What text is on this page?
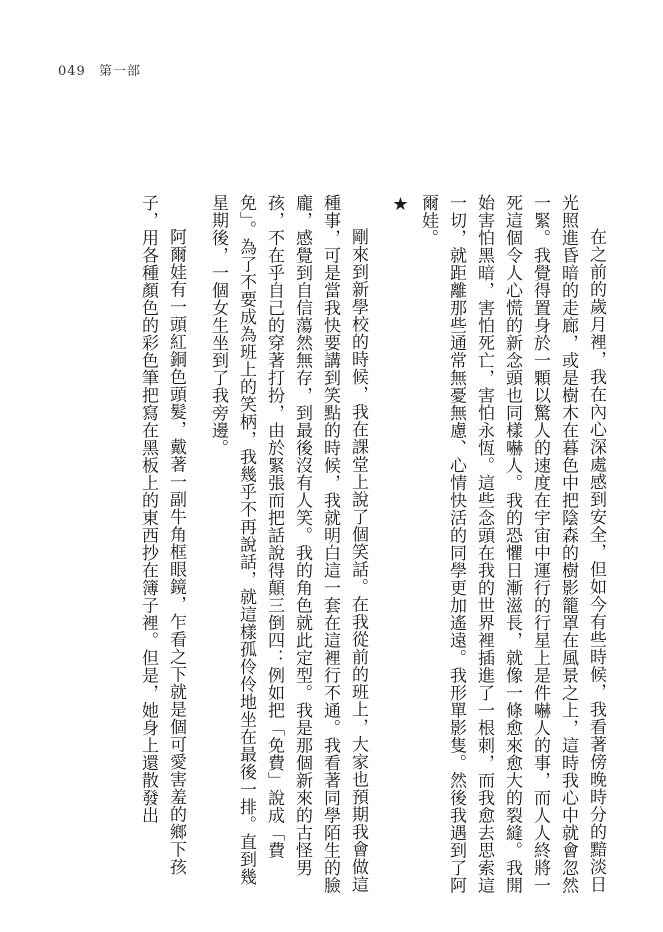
049 第一部

在之前的歲月裡，我在內心深處感到安全，但如今有些時候，我看著傍晚時分的黯淡日光照進昏暗的走廊，或是樹木在暮色中把陰森的樹影籠罩在風景之上，這時我心中就會忽然一緊。我覺得置身於一顆以驚人的速度在宇宙中運行的行星上是件嚇人的事，而人人終將一死這個令人心慌的新念頭也同樣嚇人。我的恐懼日漸滋長，就像一條愈來愈大的裂縫。我開始害怕黑暗，害怕死亡，害怕永恆。這些念頭在我的世界裡插進了一根刺，而我愈去思索這一切，就距離那些通常無憂無慮、心情快活的同學更加遙遠。我形單影隻。然後我遇到了阿爾娃。

★

剛來到新學校的時候，我在課堂上說了個笑話。在我從前的班上，大家也預期我會做這種事，可是當我快要講到笑點的時候，我就明白這一套在這裡行不通。我看著同學陌生的臉龐，感覺到自信蕩然無存，到最後沒有人笑。我的角色就此定型。我是那個新來的古怪男孩，不在乎自己的穿著打扮，由於緊張而把話說得顛三倒四：例如把「免費」說成「費免」。為了不要成為班上的笑柄，我幾乎不再說話，就這樣孤伶伶地坐在最後一排。直到幾星期後，一個女生坐到了我旁邊。

阿爾娃有一頭紅銅色頭髮，戴著一副牛角框眼鏡，乍看之下就是個可愛害羞的鄉下孩子，用各種顏色的彩色筆把寫在黑板上的東西抄在簿子裡。但是，她身上還散發出
